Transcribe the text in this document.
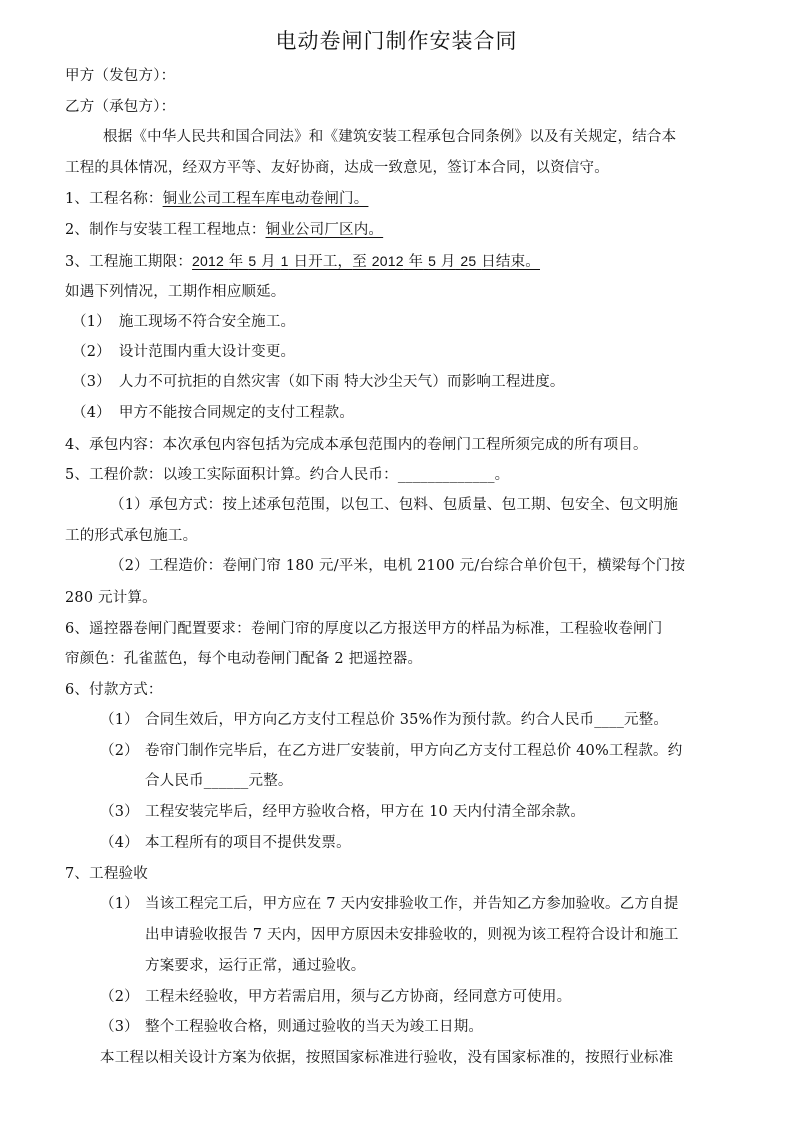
电动卷闸门制作安装合同
甲方（发包方）：
乙方（承包方）：
根据《中华人民共和国合同法》和《建筑安装工程承包合同条例》以及有关规定，结合本
工程的具体情况，经双方平等、友好协商，达成一致意见，签订本合同，以资信守。
1、工程名称：铜业公司工程车库电动卷闸门。
2、制作与安装工程工程地点：铜业公司厂区内。
3、工程施工期限：2012 年 5 月 1 日开工，至 2012 年 5 月 25 日结束。
如遇下列情况，工期作相应顺延。
（1） 施工现场不符合安全施工。
（2） 设计范围内重大设计变更。
（3） 人力不可抗拒的自然灾害（如下雨 特大沙尘天气）而影响工程进度。
（4） 甲方不能按合同规定的支付工程款。
4、承包内容：本次承包内容包括为完成本承包范围内的卷闸门工程所须完成的所有项目。
5、工程价款：以竣工实际面积计算。约合人民币：_____________。
（1）承包方式：按上述承包范围，以包工、包料、包质量、包工期、包安全、包文明施
工的形式承包施工。
（2）工程造价：卷闸门帘 180 元/平米，电机 2100 元/台综合单价包干，横梁每个门按
280 元计算。
6、遥控器卷闸门配置要求：卷闸门帘的厚度以乙方报送甲方的样品为标准，工程验收卷闸门
帘颜色：孔雀蓝色，每个电动卷闸门配备 2 把遥控器。
6、付款方式：
（1） 合同生效后，甲方向乙方支付工程总价 35%作为预付款。约合人民币____元整。
（2） 卷帘门制作完毕后，在乙方进厂安装前，甲方向乙方支付工程总价 40%工程款。约
合人民币______元整。
（3） 工程安装完毕后，经甲方验收合格，甲方在 10 天内付清全部余款。
（4） 本工程所有的项目不提供发票。
7、工程验收
（1） 当该工程完工后，甲方应在 7 天内安排验收工作，并告知乙方参加验收。乙方自提
出申请验收报告 7 天内，因甲方原因未安排验收的，则视为该工程符合设计和施工
方案要求，运行正常，通过验收。
（2） 工程未经验收，甲方若需启用，须与乙方协商，经同意方可使用。
（3） 整个工程验收合格，则通过验收的当天为竣工日期。
本工程以相关设计方案为依据，按照国家标准进行验收，没有国家标准的，按照行业标准
